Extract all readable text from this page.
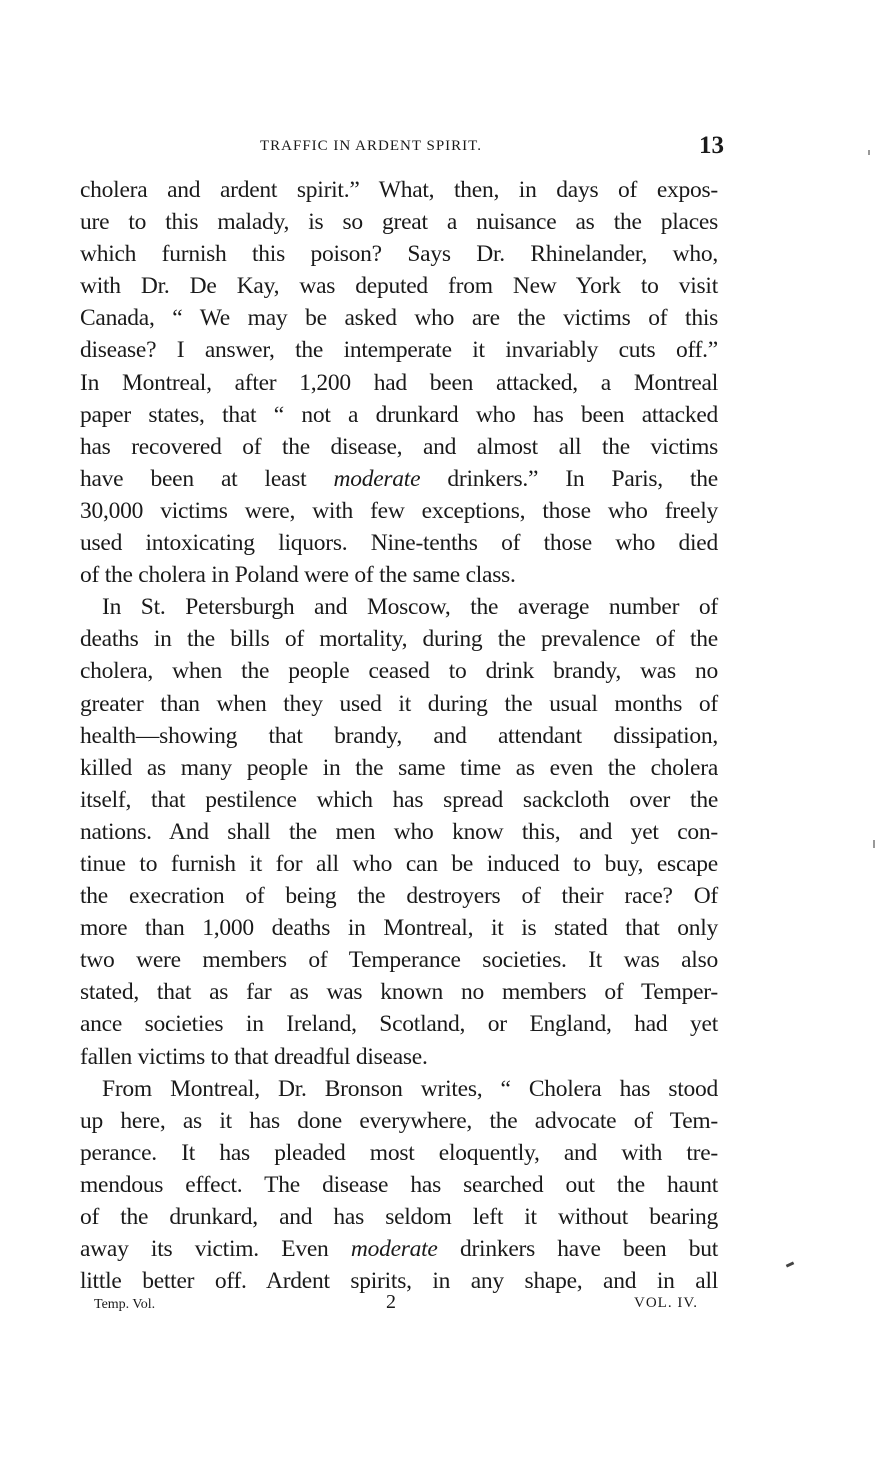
TRAFFIC IN ARDENT SPIRIT.	13
cholera and ardent spirit.” What, then, in days of expos-
ure to this malady, is so great a nuisance as the places
which furnish this poison? Says Dr. Rhinelander, who,
with Dr. De Kay, was deputed from New York to visit
Canada, “ We may be asked who are the victims of this
disease? I answer, the intemperate it invariably cuts off.”
In Montreal, after 1,200 had been attacked, a Montreal
paper states, that “ not a drunkard who has been attacked
has recovered of the disease, and almost all the victims
have been at least moderate drinkers.” In Paris, the
30,000 victims were, with few exceptions, those who freely
used intoxicating liquors. Nine-tenths of those who died
of the cholera in Poland were of the same class.
In St. Petersburgh and Moscow, the average number of
deaths in the bills of mortality, during the prevalence of the
cholera, when the people ceased to drink brandy, was no
greater than when they used it during the usual months of
health—showing that brandy, and attendant dissipation,
killed as many people in the same time as even the cholera
itself, that pestilence which has spread sackcloth over the
nations. And shall the men who know this, and yet con-
tinue to furnish it for all who can be induced to buy, escape
the execration of being the destroyers of their race? Of
more than 1,000 deaths in Montreal, it is stated that only
two were members of Temperance societies. It was also
stated, that as far as was known no members of Temper-
ance societies in Ireland, Scotland, or England, had yet
fallen victims to that dreadful disease.
From Montreal, Dr. Bronson writes, “ Cholera has stood
up here, as it has done everywhere, the advocate of Tem-
perance. It has pleaded most eloquently, and with tre-
mendous effect. The disease has searched out the haunt
of the drunkard, and has seldom left it without bearing
away its victim. Even moderate drinkers have been but
little better off. Ardent spirits, in any shape, and in all
Temp. Vol.	2	VOL. IV.
